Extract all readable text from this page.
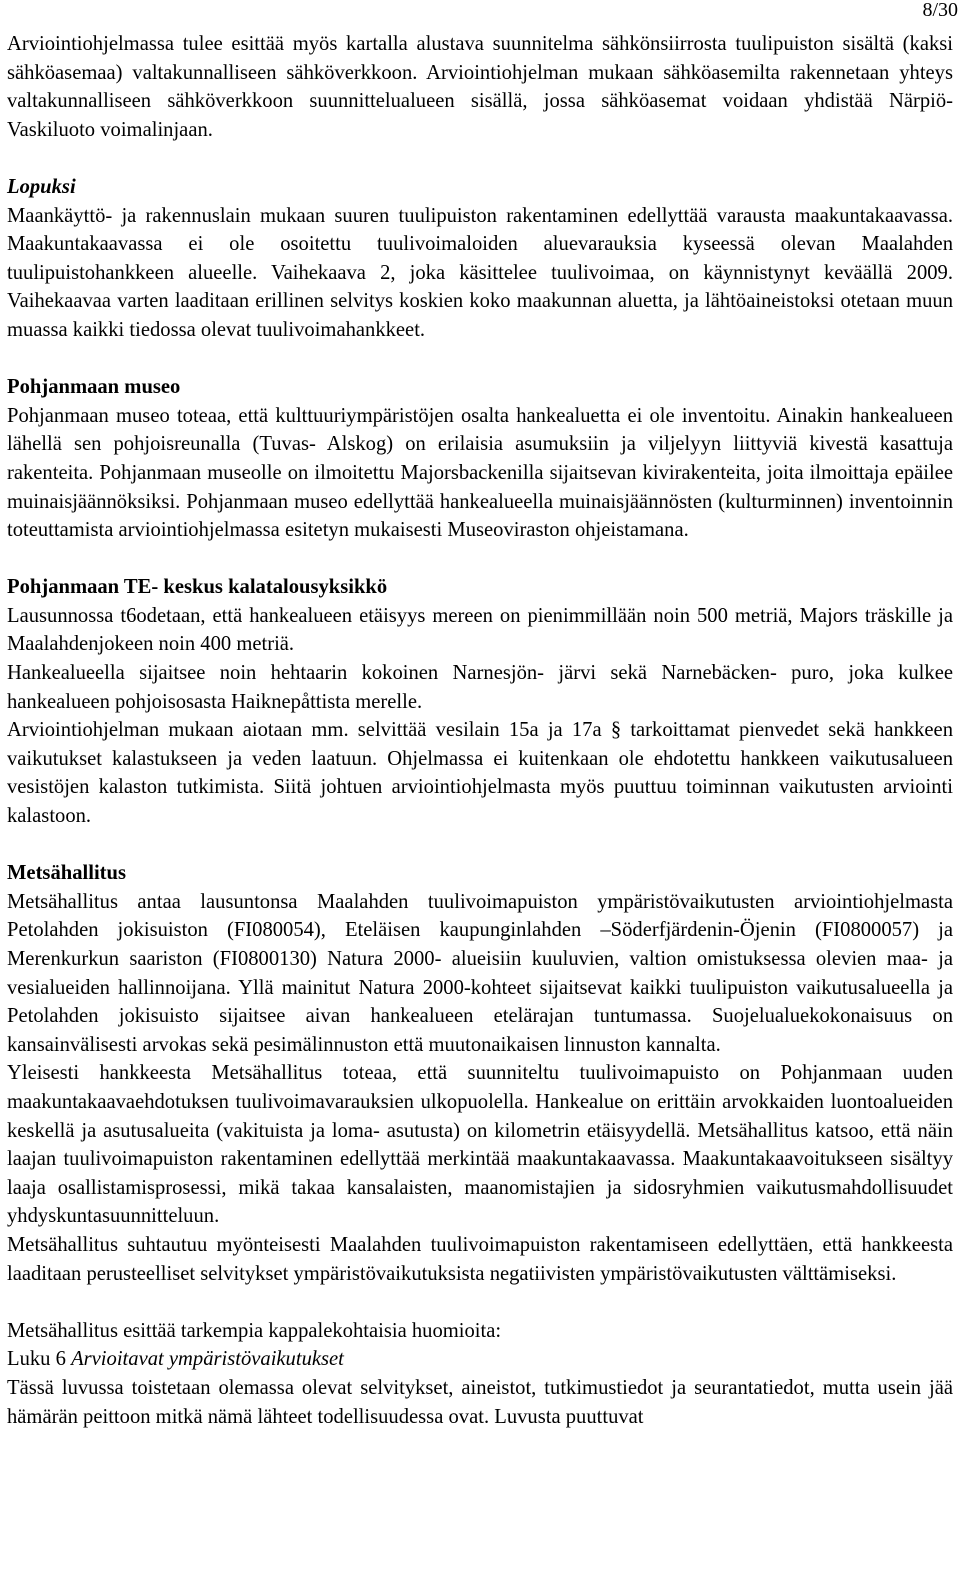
8/30

Arviointiohjelmassa tulee esittää myös kartalla alustava suunnitelma sähkönsiirrosta tuulipuiston sisältä (kaksi sähköasemaa) valtakunnalliseen sähköverkkoon. Arviointiohjelman mukaan sähköasemilta rakennetaan yhteys valtakunnalliseen sähköverkkoon suunnittelualueen sisällä, jossa sähköasemat voidaan yhdistää Närpiö- Vaskiluoto voimalinjaan.

Lopuksi

Maankäyttö- ja rakennuslain mukaan suuren tuulipuiston rakentaminen edellyttää varausta maakuntakaavassa. Maakuntakaavassa ei ole osoitettu tuulivoimaloiden aluevarauksia kyseessä olevan Maalahden tuulipuistohankkeen alueelle. Vaihekaava 2, joka käsittelee tuulivoimaa, on käynnistynyt keväällä 2009. Vaihekaavaa varten laaditaan erillinen selvitys koskien koko maakunnan aluetta, ja lähtöaineistoksi otetaan muun muassa kaikki tiedossa olevat tuulivoimahankkeet.

Pohjanmaan museo

Pohjanmaan museo toteaa, että kulttuuriympäristöjen osalta hankealuetta ei ole inventoitu. Ainakin hankealueen lähellä sen pohjoisreunalla (Tuvas- Alskog) on erilaisia asumuksiin ja viljelyyn liittyviä kivestä kasattuja rakenteita. Pohjanmaan museolle on ilmoitettu Majorsbackenilla sijaitsevan kivirakenteita, joita ilmoittaja epäilee muinaisjäännöksiksi. Pohjanmaan museo edellyttää hankealueella muinaisjäännösten (kulturminnen) inventoinnin toteuttamista arviointiohjelmassa esitetyn mukaisesti Museoviraston ohjeistamana.

Pohjanmaan TE- keskus kalatalousyksikkö

Lausunnossa t6odetaan, että hankealueen etäisyys mereen on pienimmillään noin 500 metriä, Majors träskille ja Maalahdenjokeen noin 400 metriä.

Hankealueella sijaitsee noin hehtaarin kokoinen Narnesjön- järvi sekä Narnebäcken- puro, joka kulkee hankealueen pohjoisosasta Haiknepåttista merelle.

Arviointiohjelman mukaan aiotaan mm. selvittää vesilain 15a ja 17a § tarkoittamat pienvedet sekä hankkeen vaikutukset kalastukseen ja veden laatuun. Ohjelmassa ei kuitenkaan ole ehdotettu hankkeen vaikutusalueen vesistöjen kalaston tutkimista. Siitä johtuen arviointiohjelmasta myös puuttuu toiminnan vaikutusten arviointi kalastoon.

Metsähallitus

Metsähallitus antaa lausuntonsa Maalahden tuulivoimapuiston ympäristövaikutusten arviointiohjelmasta Petolahden jokisuiston (FI080054), Eteläisen kaupunginlahden –Söderfjärdenin-Öjenin (FI0800057) ja Merenkurkun saariston (FI0800130) Natura 2000- alueisiin kuuluvien, valtion omistuksessa olevien maa- ja vesialueiden hallinnoijana. Yllä mainitut Natura 2000-kohteet sijaitsevat kaikki tuulipuiston vaikutusalueella ja Petolahden jokisuisto sijaitsee aivan hankealueen etelärajan tuntumassa. Suojelualuekokonaisuus on kansainvälisesti arvokas sekä pesimälinnuston että muutonaikaisen linnuston kannalta.

Yleisesti hankkeesta Metsähallitus toteaa, että suunniteltu tuulivoimapuisto on Pohjanmaan uuden maakuntakaavaehdotuksen tuulivoimavarauksien ulkopuolella. Hankealue on erittäin arvokkaiden luontoalueiden keskellä ja asutusalueita (vakituista ja loma- asutusta) on kilometrin etäisyydellä. Metsähallitus katsoo, että näin laajan tuulivoimapuiston rakentaminen edellyttää merkintää maakuntakaavassa. Maakuntakaavoitukseen sisältyy laaja osallistamisprosessi, mikä takaa kansalaisten, maanomistajien ja sidosryhmien vaikutusmahdollisuudet yhdyskuntasuunnitteluun.

Metsähallitus suhtautuu myönteisesti Maalahden tuulivoimapuiston rakentamiseen edellyttäen, että hankkeesta laaditaan perusteelliset selvitykset ympäristövaikutuksista negatiivisten ympäristövaikutusten välttämiseksi.

Metsähallitus esittää tarkempia kappalekohtaisia huomioita:

Luku 6 Arvioitavat ympäristövaikutukset

Tässä luvussa toistetaan olemassa olevat selvitykset, aineistot, tutkimustiedot ja seurantatiedot, mutta usein jää hämärän peittoon mitkä nämä lähteet todellisuudessa ovat. Luvusta puuttuvat
